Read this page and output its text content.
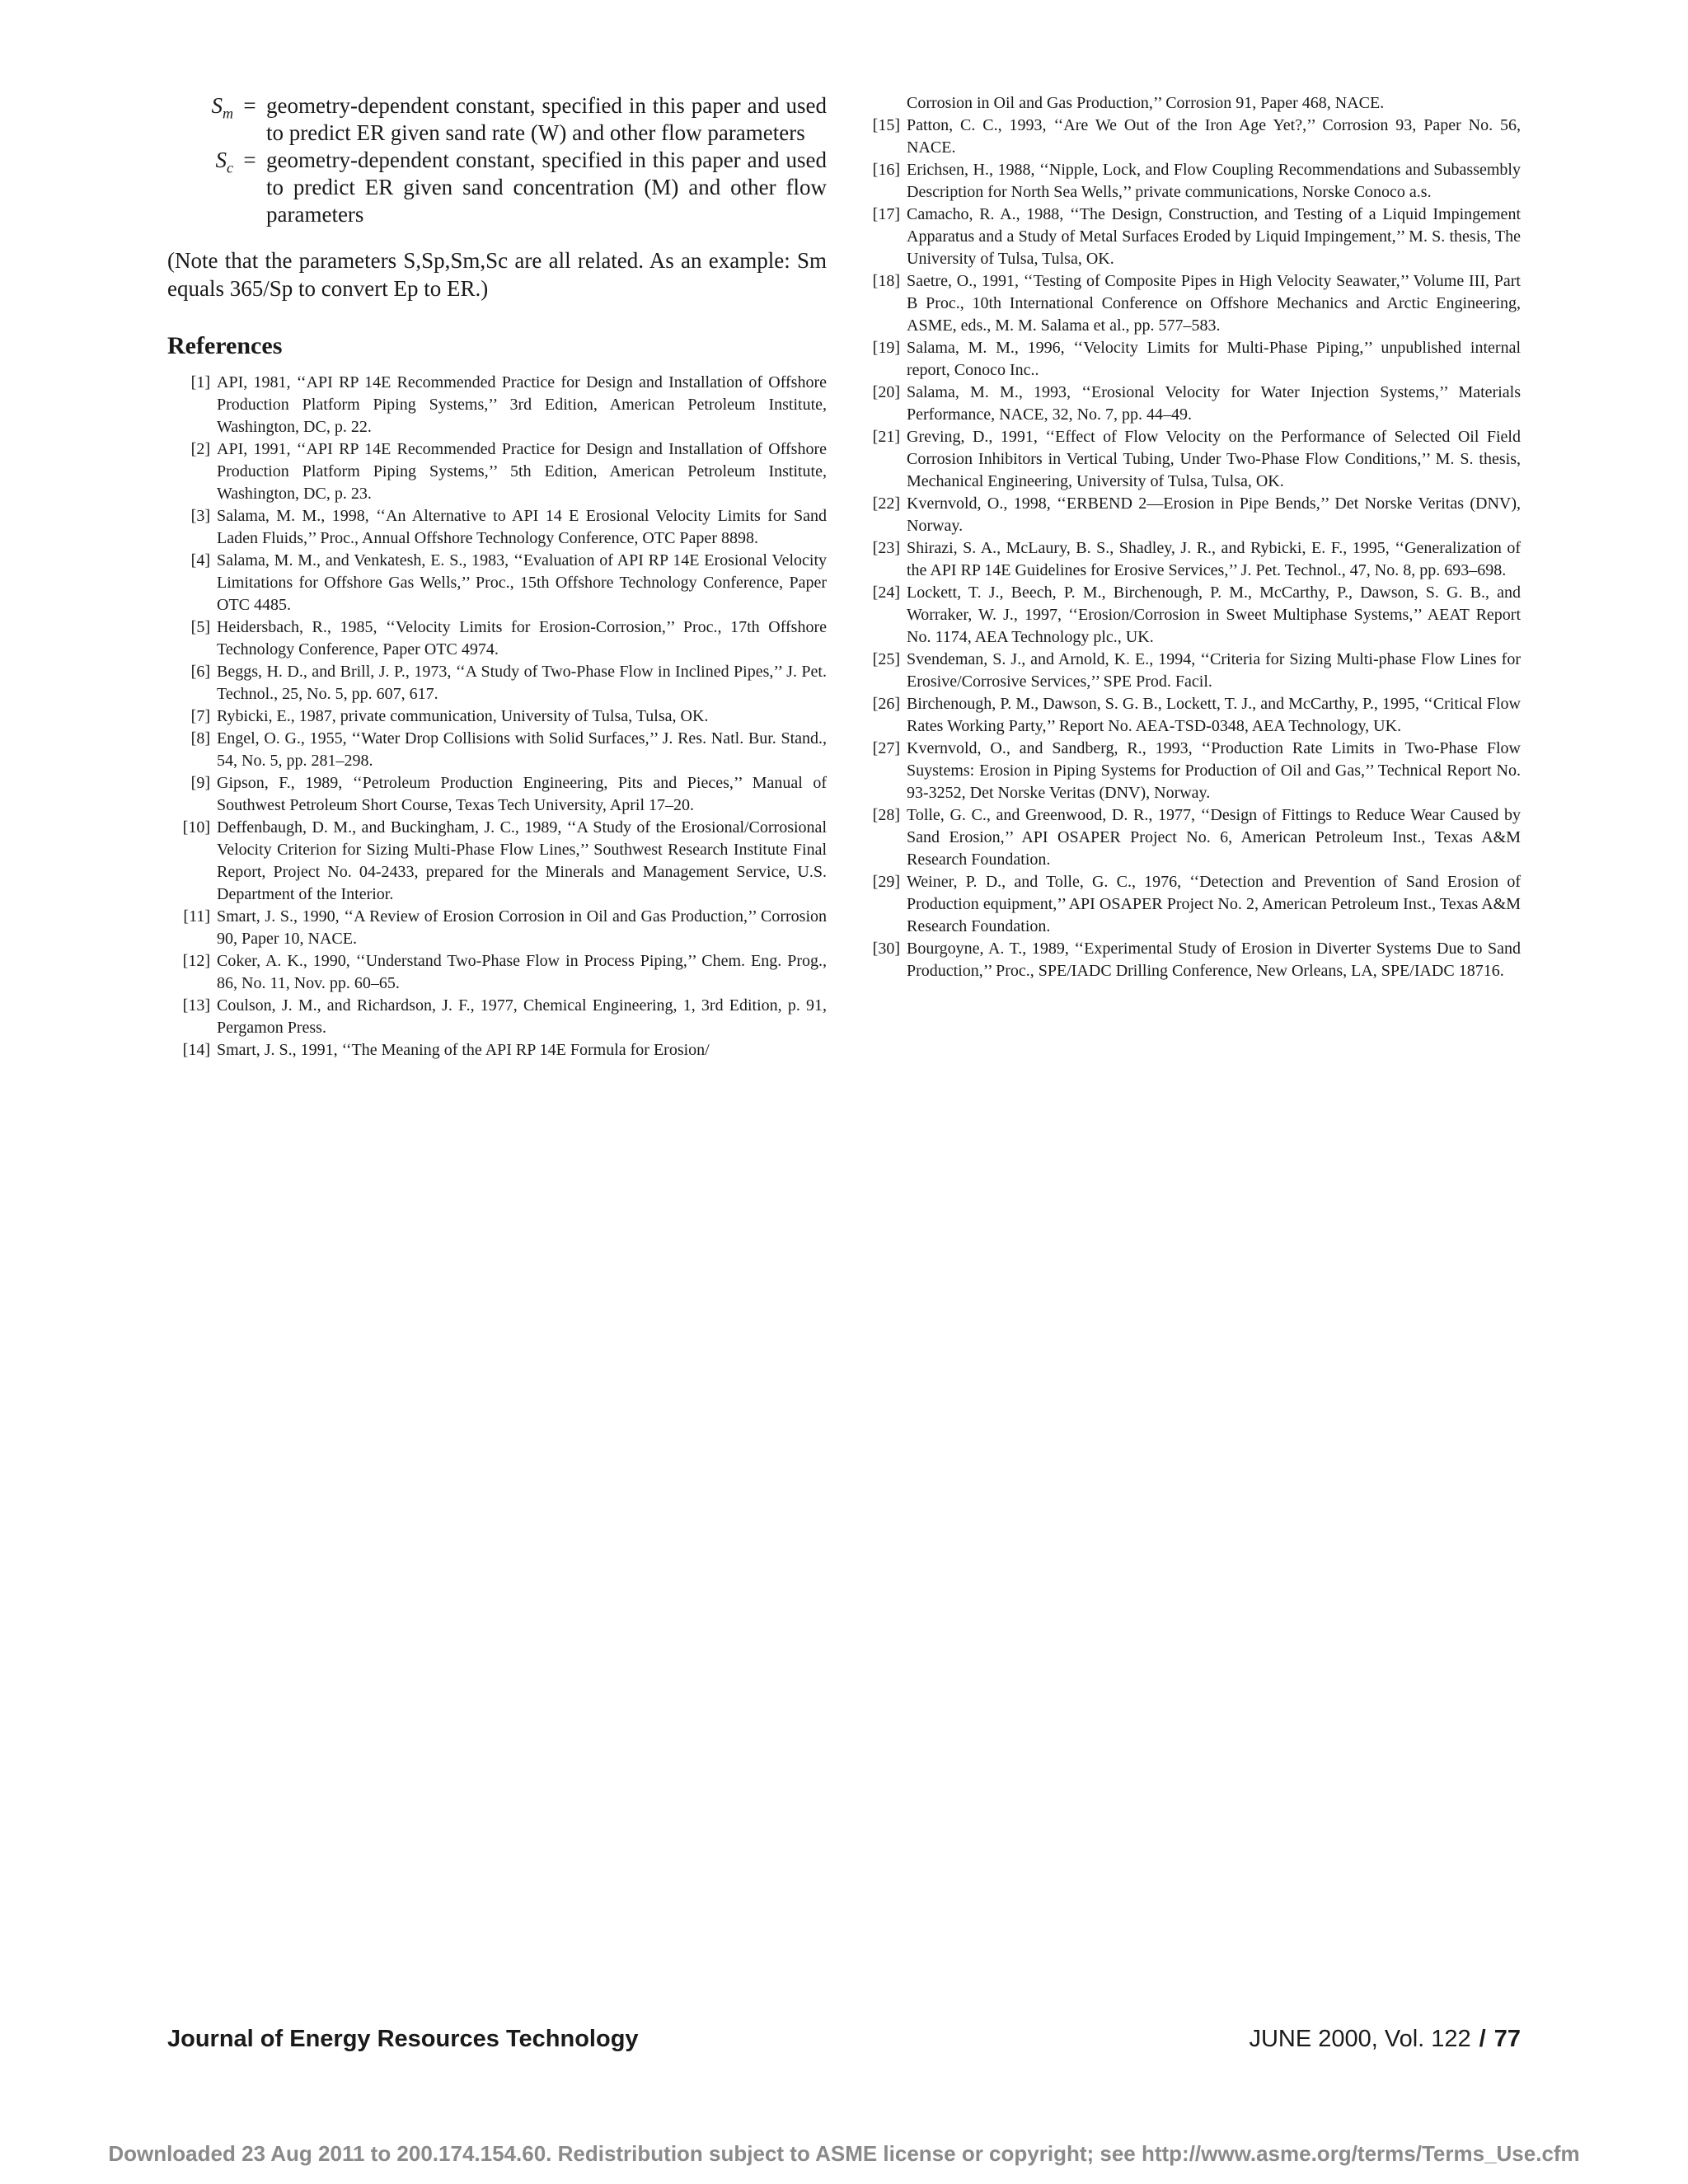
$S_m$ = geometry-dependent constant, specified in this paper and used to predict ER given sand rate (W) and other flow parameters
$S_c$ = geometry-dependent constant, specified in this paper and used to predict ER given sand concentration (M) and other flow parameters
(Note that the parameters S,Sp,Sm,Sc are all related. As an example: Sm equals 365/Sp to convert Ep to ER.)
References
[1] API, 1981, ‘‘API RP 14E Recommended Practice for Design and Installation of Offshore Production Platform Piping Systems,’’ 3rd Edition, American Petroleum Institute, Washington, DC, p. 22.
[2] API, 1991, ‘‘API RP 14E Recommended Practice for Design and Installation of Offshore Production Platform Piping Systems,’’ 5th Edition, American Petroleum Institute, Washington, DC, p. 23.
[3] Salama, M. M., 1998, ‘‘An Alternative to API 14 E Erosional Velocity Limits for Sand Laden Fluids,’’ Proc., Annual Offshore Technology Conference, OTC Paper 8898.
[4] Salama, M. M., and Venkatesh, E. S., 1983, ‘‘Evaluation of API RP 14E Erosional Velocity Limitations for Offshore Gas Wells,’’ Proc., 15th Offshore Technology Conference, Paper OTC 4485.
[5] Heidersbach, R., 1985, ‘‘Velocity Limits for Erosion-Corrosion,’’ Proc., 17th Offshore Technology Conference, Paper OTC 4974.
[6] Beggs, H. D., and Brill, J. P., 1973, ‘‘A Study of Two-Phase Flow in Inclined Pipes,’’ J. Pet. Technol., 25, No. 5, pp. 607, 617.
[7] Rybicki, E., 1987, private communication, University of Tulsa, Tulsa, OK.
[8] Engel, O. G., 1955, ‘‘Water Drop Collisions with Solid Surfaces,’’ J. Res. Natl. Bur. Stand., 54, No. 5, pp. 281–298.
[9] Gipson, F., 1989, ‘‘Petroleum Production Engineering, Pits and Pieces,’’ Manual of Southwest Petroleum Short Course, Texas Tech University, April 17–20.
[10] Deffenbaugh, D. M., and Buckingham, J. C., 1989, ‘‘A Study of the Erosional/Corrosional Velocity Criterion for Sizing Multi-Phase Flow Lines,’’ Southwest Research Institute Final Report, Project No. 04-2433, prepared for the Minerals and Management Service, U.S. Department of the Interior.
[11] Smart, J. S., 1990, ‘‘A Review of Erosion Corrosion in Oil and Gas Production,’’ Corrosion 90, Paper 10, NACE.
[12] Coker, A. K., 1990, ‘‘Understand Two-Phase Flow in Process Piping,’’ Chem. Eng. Prog., 86, No. 11, Nov. pp. 60–65.
[13] Coulson, J. M., and Richardson, J. F., 1977, Chemical Engineering, 1, 3rd Edition, p. 91, Pergamon Press.
[14] Smart, J. S., 1991, ‘‘The Meaning of the API RP 14E Formula for Erosion/
Corrosion in Oil and Gas Production,’’ Corrosion 91, Paper 468, NACE.
[15] Patton, C. C., 1993, ‘‘Are We Out of the Iron Age Yet?,’’ Corrosion 93, Paper No. 56, NACE.
[16] Erichsen, H., 1988, ‘‘Nipple, Lock, and Flow Coupling Recommendations and Subassembly Description for North Sea Wells,’’ private communications, Norske Conoco a.s.
[17] Camacho, R. A., 1988, ‘‘The Design, Construction, and Testing of a Liquid Impingement Apparatus and a Study of Metal Surfaces Eroded by Liquid Impingement,’’ M. S. thesis, The University of Tulsa, Tulsa, OK.
[18] Saetre, O., 1991, ‘‘Testing of Composite Pipes in High Velocity Seawater,’’ Volume III, Part B Proc., 10th International Conference on Offshore Mechanics and Arctic Engineering, ASME, eds., M. M. Salama et al., pp. 577–583.
[19] Salama, M. M., 1996, ‘‘Velocity Limits for Multi-Phase Piping,’’ unpublished internal report, Conoco Inc..
[20] Salama, M. M., 1993, ‘‘Erosional Velocity for Water Injection Systems,’’ Materials Performance, NACE, 32, No. 7, pp. 44–49.
[21] Greving, D., 1991, ‘‘Effect of Flow Velocity on the Performance of Selected Oil Field Corrosion Inhibitors in Vertical Tubing, Under Two-Phase Flow Conditions,’’ M. S. thesis, Mechanical Engineering, University of Tulsa, Tulsa, OK.
[22] Kvernvold, O., 1998, ‘‘ERBEND 2—Erosion in Pipe Bends,’’ Det Norske Veritas (DNV), Norway.
[23] Shirazi, S. A., McLaury, B. S., Shadley, J. R., and Rybicki, E. F., 1995, ‘‘Generalization of the API RP 14E Guidelines for Erosive Services,’’ J. Pet. Technol., 47, No. 8, pp. 693–698.
[24] Lockett, T. J., Beech, P. M., Birchenough, P. M., McCarthy, P., Dawson, S. G. B., and Worraker, W. J., 1997, ‘‘Erosion/Corrosion in Sweet Multiphase Systems,’’ AEAT Report No. 1174, AEA Technology plc., UK.
[25] Svendeman, S. J., and Arnold, K. E., 1994, ‘‘Criteria for Sizing Multi-phase Flow Lines for Erosive/Corrosive Services,’’ SPE Prod. Facil.
[26] Birchenough, P. M., Dawson, S. G. B., Lockett, T. J., and McCarthy, P., 1995, ‘‘Critical Flow Rates Working Party,’’ Report No. AEA-TSD-0348, AEA Technology, UK.
[27] Kvernvold, O., and Sandberg, R., 1993, ‘‘Production Rate Limits in Two-Phase Flow Suystems: Erosion in Piping Systems for Production of Oil and Gas,’’ Technical Report No. 93-3252, Det Norske Veritas (DNV), Norway.
[28] Tolle, G. C., and Greenwood, D. R., 1977, ‘‘Design of Fittings to Reduce Wear Caused by Sand Erosion,’’ API OSAPER Project No. 6, American Petroleum Inst., Texas A&M Research Foundation.
[29] Weiner, P. D., and Tolle, G. C., 1976, ‘‘Detection and Prevention of Sand Erosion of Production equipment,’’ API OSAPER Project No. 2, American Petroleum Inst., Texas A&M Research Foundation.
[30] Bourgoyne, A. T., 1989, ‘‘Experimental Study of Erosion in Diverter Systems Due to Sand Production,’’ Proc., SPE/IADC Drilling Conference, New Orleans, LA, SPE/IADC 18716.
Journal of Energy Resources Technology	JUNE 2000, Vol. 122 / 77
Downloaded 23 Aug 2011 to 200.174.154.60. Redistribution subject to ASME license or copyright; see http://www.asme.org/terms/Terms_Use.cfm
